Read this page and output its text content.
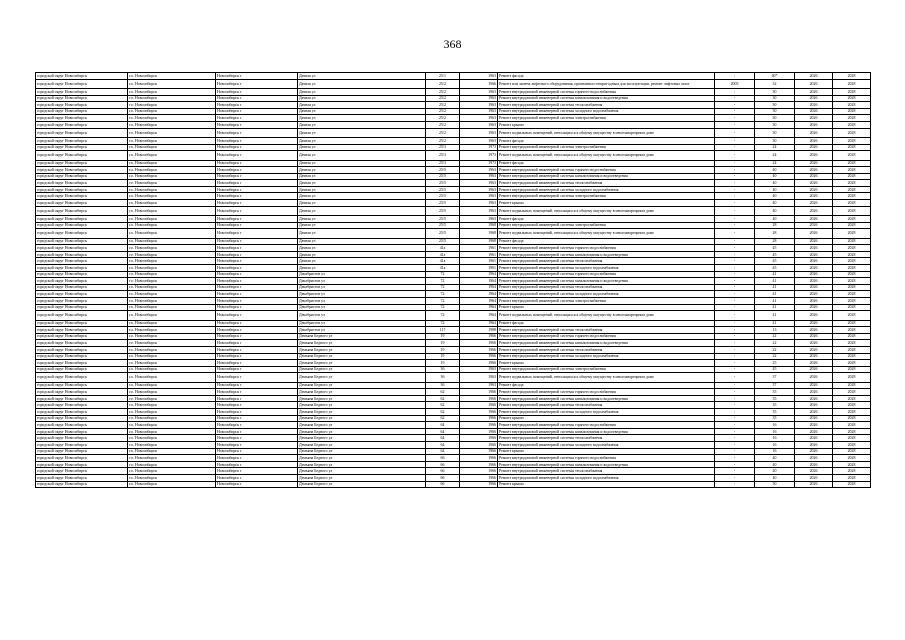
368
городской округ Новосибирск	г.о. Новосибирск	Новосибирск г	Дачная ул	25/1	1963	Ремонт фасада	-	40*	2026	2028
городской округ Новосибирск	г.о. Новосибирск	Новосибирск г	Дачная ул	25/2	1966	Ремонт или замена лифтового оборудования, признанного непригодным для эксплуатации, ремонт лифтовых шахт	2005	32	2026	2028
городской округ Новосибирск	г.о. Новосибирск	Новосибирск г	Дачная ул	25/2	1963	Ремонт внутридомовой инженерной системы горячего водоснабжения	-	30	2026	2028
городской округ Новосибирск	г.о. Новосибирск	Новосибирск г	Дачная ул	25/2	1963	Ремонт внутридомовой инженерной системы канализования и водоотведения	-	30	2026	2028
городской округ Новосибирск	г.о. Новосибирск	Новосибирск г	Дачная ул	25/2	1963	Ремонт внутридомовой инженерной системы теплоснабжения	-	30	2026	2028
городской округ Новосибирск	г.о. Новосибирск	Новосибирск г	Дачная ул	25/2	1963	Ремонт внутридомовой инженерной системы холодного водоснабжения	-	30	2026	2028
городской округ Новосибирск	г.о. Новосибирск	Новосибирск г	Дачная ул	25/2	1963	Ремонт внутридомовой инженерной системы электроснабжения	-	30	2026	2028
городской округ Новосибирск	г.о. Новосибирск	Новосибирск г	Дачная ул	25/2	1963	Ремонт крыши	-	30	2026	2028
городской округ Новосибирск	г.о. Новосибирск	Новосибирск г	Дачная ул	25/2	1963	Ремонт подвальных помещений, относящихся к общему имуществу в многоквартирном доме	-	30	2026	2028
городской округ Новосибирск	г.о. Новосибирск	Новосибирск г	Дачная ул	25/2	1963	Ремонт фасада	-	30	2026	2028
городской округ Новосибирск	г.о. Новосибирск	Новосибирск г	Дачная ул	25/3	1973	Ремонт внутридомовой инженерной системы электроснабжения	-	24	2026	2028
городской округ Новосибирск	г.о. Новосибирск	Новосибирск г	Дачная ул	25/3	1973	Ремонт подвальных помещений, относящихся к общему имуществу в многоквартирном доме	-	24	2026	2028
городской округ Новосибирск	г.о. Новосибирск	Новосибирск г	Дачная ул	25/3	1973	Ремонт фасада	-	24	2026	2028
городской округ Новосибирск	г.о. Новосибирск	Новосибирск г	Дачная ул	25/5	1963	Ремонт внутридомовой инженерной системы горячего водоснабжения	-	40	2026	2028
городской округ Новосибирск	г.о. Новосибирск	Новосибирск г	Дачная ул	25/5	1963	Ремонт внутридомовой инженерной системы канализования и водоотведения	-	40	2026	2028
городской округ Новосибирск	г.о. Новосибирск	Новосибирск г	Дачная ул	25/5	1963	Ремонт внутридомовой инженерной системы теплоснабжения	-	40	2026	2028
городской округ Новосибирск	г.о. Новосибирск	Новосибирск г	Дачная ул	25/5	1963	Ремонт внутридомовой инженерной системы холодного водоснабжения	-	40	2026	2028
городской округ Новосибирск	г.о. Новосибирск	Новосибирск г	Дачная ул	25/5	1963	Ремонт внутридомовой инженерной системы электроснабжения	-	40	2026	2028
городской округ Новосибирск	г.о. Новосибирск	Новосибирск г	Дачная ул	25/5	1963	Ремонт крыши	-	40	2026	2028
городской округ Новосибирск	г.о. Новосибирск	Новосибирск г	Дачная ул	25/5	1963	Ремонт подвальных помещений, относящихся к общему имуществу в многоквартирном доме	-	40	2026	2028
городской округ Новосибирск	г.о. Новосибирск	Новосибирск г	Дачная ул	25/5	1963	Ремонт фасада	-	40	2026	2028
городской округ Новосибирск	г.о. Новосибирск	Новосибирск г	Дачная ул	25/5	1968	Ремонт внутридомовой инженерной системы электроснабжения	-	28	2026	2028
городской округ Новосибирск	г.о. Новосибирск	Новосибирск г	Дачная ул	25/5	1968	Ремонт подвальных помещений, относящихся к общему имуществу в многоквартирном доме	-	28	2026	2028
городской округ Новосибирск	г.о. Новосибирск	Новосибирск г	Дачная ул	25/5	1968	Ремонт фасада	-	28	2026	2028
городской округ Новосибирск	г.о. Новосибирск	Новосибирск г	Дачная ул	41а	1961	Ремонт внутридомовой инженерной системы горячего водоснабжения	-	45	2026	2028
городской округ Новосибирск	г.о. Новосибирск	Новосибирск г	Дачная ул	41а	1961	Ремонт внутридомовой инженерной системы канализования и водоотведения	-	45	2026	2028
городской округ Новосибирск	г.о. Новосибирск	Новосибирск г	Дачная ул	41а	1961	Ремонт внутридомовой инженерной системы теплоснабжения	-	45	2026	2028
городской округ Новосибирск	г.о. Новосибирск	Новосибирск г	Дачная ул	41а	1961	Ремонт внутридомовой инженерной системы холодного водоснабжения	-	45	2026	2028
городской округ Новосибирск	г.о. Новосибирск	Новосибирск г	Декабристов ул	72	1964	Ремонт внутридомовой инженерной системы горячего водоснабжения	-	41	2026	2028
городской округ Новосибирск	г.о. Новосибирск	Новосибирск г	Декабристов ул	72	1964	Ремонт внутридомовой инженерной системы канализования и водоотведения	-	41	2026	2028
городской округ Новосибирск	г.о. Новосибирск	Новосибирск г	Декабристов ул	72	1964	Ремонт внутридомовой инженерной системы теплоснабжения	-	41	2026	2028
городской округ Новосибирск	г.о. Новосибирск	Новосибирск г	Декабристов ул	72	1964	Ремонт внутридомовой инженерной системы холодного водоснабжения	-	41	2026	2028
городской округ Новосибирск	г.о. Новосибирск	Новосибирск г	Декабристов ул	72	1964	Ремонт внутридомовой инженерной системы электроснабжения	-	41	2026	2028
городской округ Новосибирск	г.о. Новосибирск	Новосибирск г	Декабристов ул	72	1964	Ремонт крыши	-	41	2026	2028
городской округ Новосибирск	г.о. Новосибирск	Новосибирск г	Декабристов ул	72	1964	Ремонт подвальных помещений, относящихся к общему имуществу в многоквартирном доме	-	41	2026	2028
городской округ Новосибирск	г.о. Новосибирск	Новосибирск г	Декабристов ул	72	1964	Ремонт фасада	-	41	2026	2028
городской округ Новосибирск	г.о. Новосибирск	Новосибирск г	Декабристов ул	117	1988	Ремонт внутридомовой инженерной системы теплоснабжения	-	13	2026	2028
городской округ Новосибирск	г.о. Новосибирск	Новосибирск г	Демьяна Бедного ул	19	1966	Ремонт внутридомовой инженерной системы горячего водоснабжения	-	22	2026	2028
городской округ Новосибирск	г.о. Новосибирск	Новосибирск г	Демьяна Бедного ул	19	1966	Ремонт внутридомовой инженерной системы канализования и водоотведения	-	22	2026	2028
городской округ Новосибирск	г.о. Новосибирск	Новосибирск г	Демьяна Бедного ул	19	1966	Ремонт внутридомовой инженерной системы теплоснабжения	-	22	2026	2028
городской округ Новосибирск	г.о. Новосибирск	Новосибирск г	Демьяна Бедного ул	19	1966	Ремонт внутридомовой инженерной системы холодного водоснабжения	-	22	2026	2028
городской округ Новосибирск	г.о. Новосибирск	Новосибирск г	Демьяна Бедного ул	19	1966	Ремонт крыши	-	25	2026	2028
городской округ Новосибирск	г.о. Новосибирск	Новосибирск г	Демьяна Бедного ул	36	1963	Ремонт внутридомовой инженерной системы электроснабжения	-	45	2026	2028
городской округ Новосибирск	г.о. Новосибирск	Новосибирск г	Демьяна Бедного ул	36	1963	Ремонт подвальных помещений, относящихся к общему имуществу в многоквартирном доме	-	37	2026	2028
городской округ Новосибирск	г.о. Новосибирск	Новосибирск г	Демьяна Бедного ул	36	1963	Ремонт фасада	-	37	2026	2028
городской округ Новосибирск	г.о. Новосибирск	Новосибирск г	Демьяна Бедного ул	62	1966	Ремонт внутридомовой инженерной системы горячего водоснабжения	-	35	2026	2028
городской округ Новосибирск	г.о. Новосибирск	Новосибирск г	Демьяна Бедного ул	62	1966	Ремонт внутридомовой инженерной системы канализования и водоотведения	-	35	2026	2028
городской округ Новосибирск	г.о. Новосибирск	Новосибирск г	Демьяна Бедного ул	62	1966	Ремонт внутридомовой инженерной системы теплоснабжения	-	35	2026	2028
городской округ Новосибирск	г.о. Новосибирск	Новосибирск г	Демьяна Бедного ул	62	1966	Ремонт внутридомовой инженерной системы холодного водоснабжения	-	35	2026	2028
городской округ Новосибирск	г.о. Новосибирск	Новосибирск г	Демьяна Бедного ул	62	1966	Ремонт крыши	-	35	2026	2028
городской округ Новосибирск	г.о. Новосибирск	Новосибирск г	Демьяна Бедного ул	64	1966	Ремонт внутридомовой инженерной системы горячего водоснабжения	-	16	2026	2028
городской округ Новосибирск	г.о. Новосибирск	Новосибирск г	Демьяна Бедного ул	64	1966	Ремонт внутридомовой инженерной системы канализования и водоотведения	-	16	2026	2028
городской округ Новосибирск	г.о. Новосибирск	Новосибирск г	Демьяна Бедного ул	64	1966	Ремонт внутридомовой инженерной системы теплоснабжения	-	16	2026	2028
городской округ Новосибирск	г.о. Новосибирск	Новосибирск г	Демьяна Бедного ул	64	1966	Ремонт внутридомовой инженерной системы холодного водоснабжения	-	16	2026	2028
городской округ Новосибирск	г.о. Новосибирск	Новосибирск г	Демьяна Бедного ул	64	1966	Ремонт крыши	-	16	2026	2028
городской округ Новосибирск	г.о. Новосибирск	Новосибирск г	Демьяна Бедного ул	66	1966	Ремонт внутридомовой инженерной системы горячего водоснабжения	-	40	2026	2028
городской округ Новосибирск	г.о. Новосибирск	Новосибирск г	Демьяна Бедного ул	66	1966	Ремонт внутридомовой инженерной системы канализования и водоотведения	-	40	2026	2028
городской округ Новосибирск	г.о. Новосибирск	Новосибирск г	Демьяна Бедного ул	66	1966	Ремонт внутридомовой инженерной системы теплоснабжения	-	40	2026	2028
городской округ Новосибирск	г.о. Новосибирск	Новосибирск г	Демьяна Бедного ул	66	1966	Ремонт внутридомовой инженерной системы холодного водоснабжения	-	40	2026	2028
городской округ Новосибирск	г.о. Новосибирск	Новосибирск г	Демьяна Бедного ул	66	1966	Ремонт крыши	-	50	2026	2028
